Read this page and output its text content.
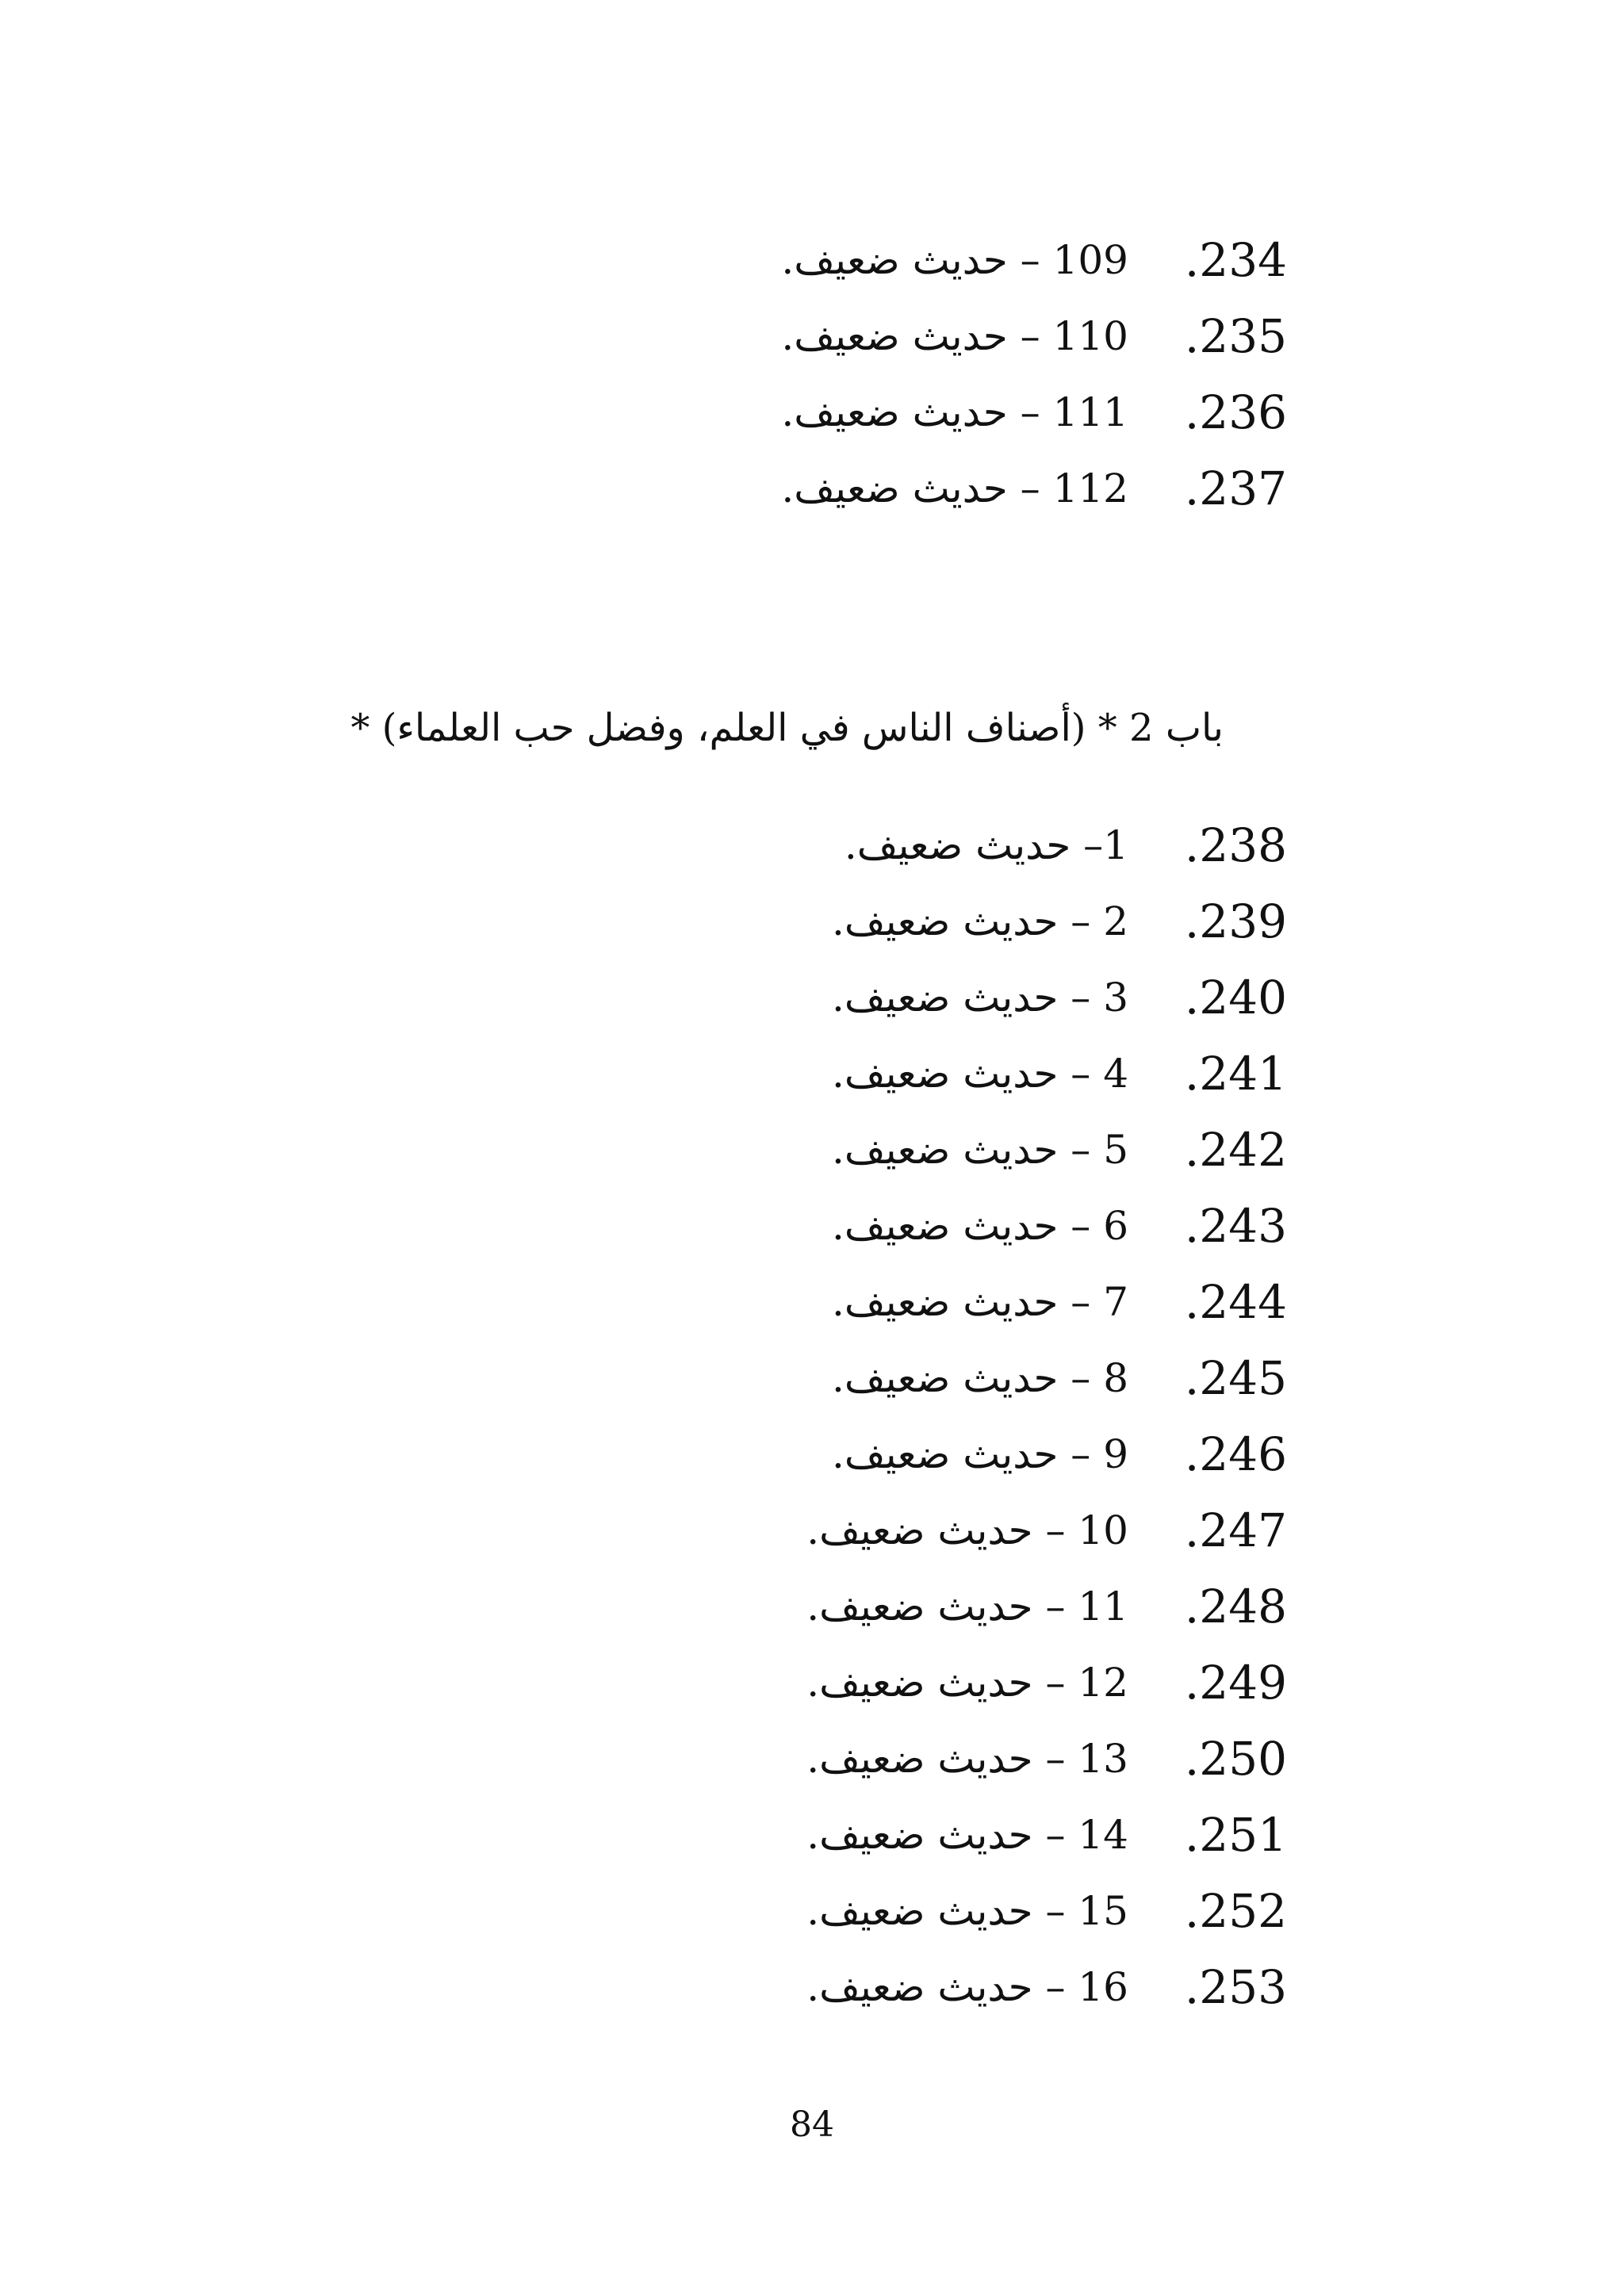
.234
109 – حديث ضعيف.
.235
110 – حديث ضعيف.
.236
111 – حديث ضعيف.
.237
112 – حديث ضعيف.
باب 2 * (أصناف الناس في العلم، وفضل حب العلماء) *
.238
1– حديث ضعيف.
.239
2 – حديث ضعيف.
.240
3 – حديث ضعيف.
.241
4 – حديث ضعيف.
.242
5 – حديث ضعيف.
.243
6 – حديث ضعيف.
.244
7 – حديث ضعيف.
.245
8 – حديث ضعيف.
.246
9 – حديث ضعيف.
.247
10 – حديث ضعيف.
.248
11 – حديث ضعيف.
.249
12 – حديث ضعيف.
.250
13 – حديث ضعيف.
.251
14 – حديث ضعيف.
.252
15 – حديث ضعيف.
.253
16 – حديث ضعيف.
84
